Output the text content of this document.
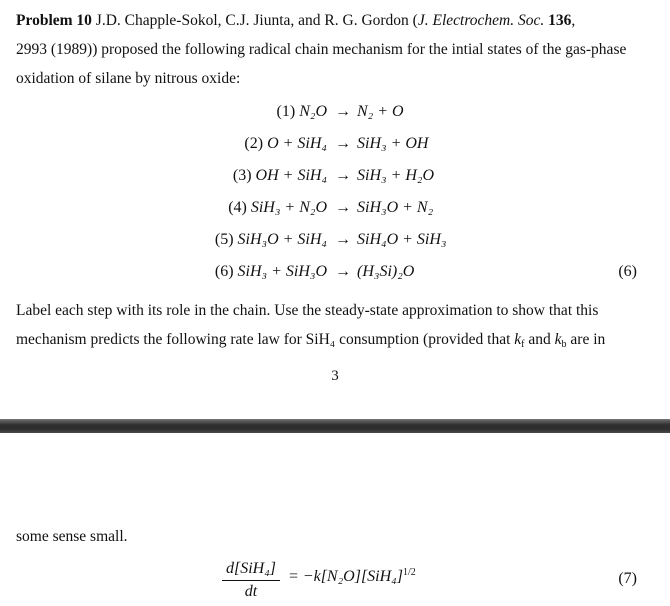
Problem 10 J.D. Chapple-Sokol, C.J. Jiunta, and R. G. Gordon (J. Electrochem. Soc. 136,
2993 (1989)) proposed the following radical chain mechanism for the intial states of the gas-phase
oxidation of silane by nitrous oxide:
(1) N₂O → N₂ + O
(2) O + SiH₄ → SiH₃ + OH
(3) OH + SiH₄ → SiH₃ + H₂O
(4) SiH₃ + N₂O → SiH₃O + N₂
(5) SiH₃O + SiH₄ → SiH₄O + SiH₃
(6) SiH₃ + SiH₃O → (H₃Si)₂O	(6)
Label each step with its role in the chain. Use the steady-state approximation to show that this
mechanism predicts the following rate law for SiH₄ consumption (provided that $k_f$ and $k_b$ are in
3
some sense small.
d[SiH₄]
dt
= $-k[N_2O][SiH_4]^{1/2}$	(7)
